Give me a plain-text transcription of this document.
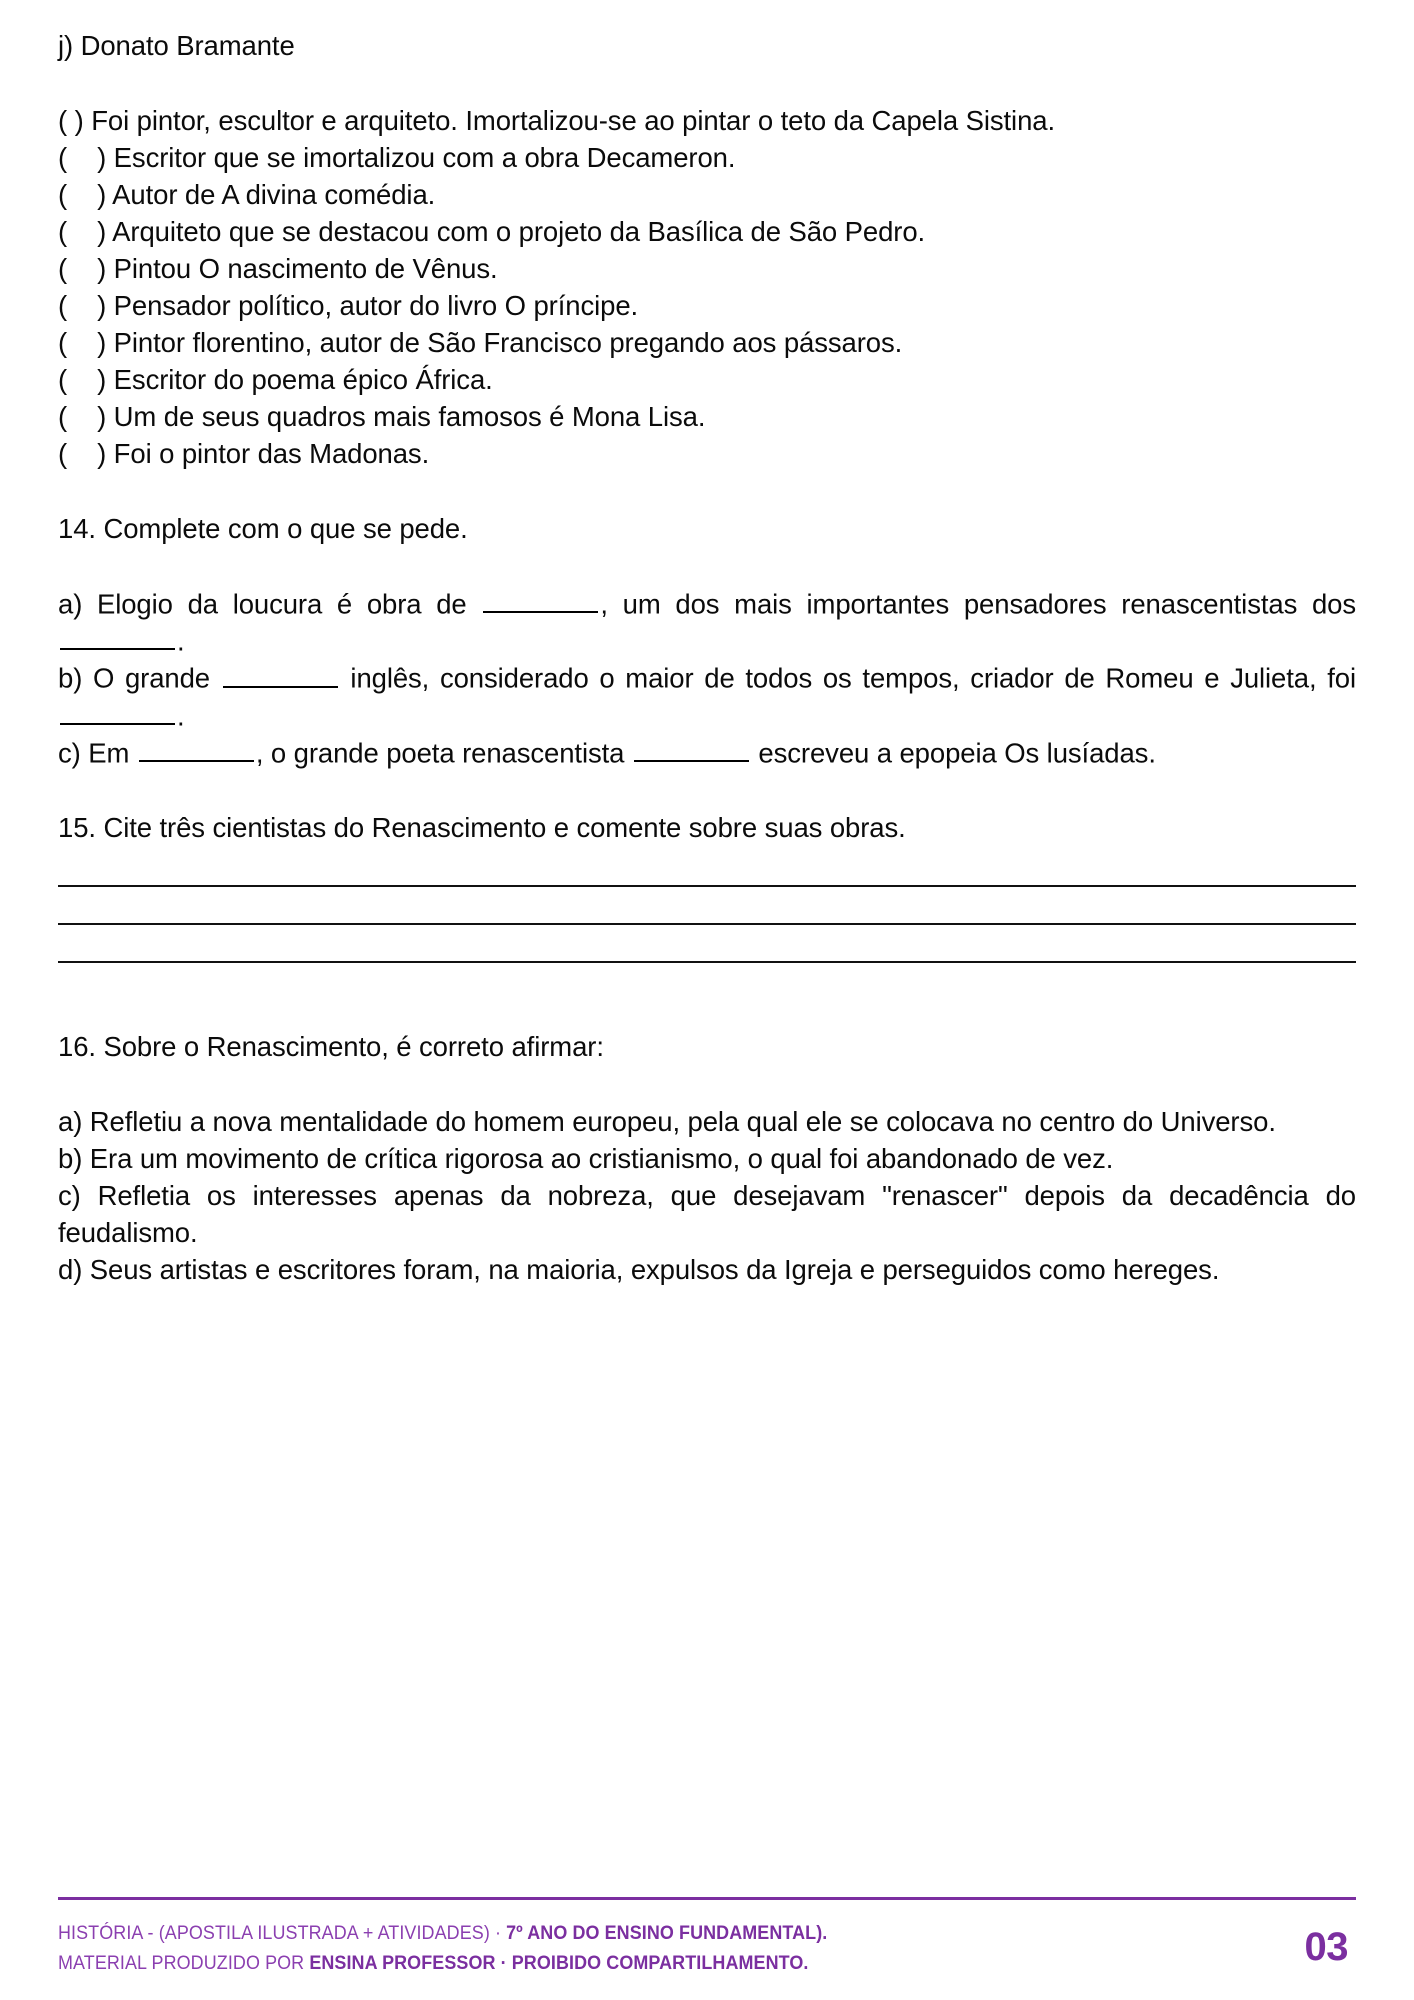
j) Donato Bramante

( ) Foi pintor, escultor e arquiteto. Imortalizou-se ao pintar o teto da Capela Sistina.

( ) Escritor que se imortalizou com a obra Decameron.

( ) Autor de A divina comédia.

( ) Arquiteto que se destacou com o projeto da Basílica de São Pedro.

( ) Pintou O nascimento de Vênus.

( ) Pensador político, autor do livro O príncipe.

( ) Pintor florentino, autor de São Francisco pregando aos pássaros.

( ) Escritor do poema épico África.

( ) Um de seus quadros mais famosos é Mona Lisa.

( ) Foi o pintor das Madonas.

14. Complete com o que se pede.

a) Elogio da loucura é obra de	, um dos mais importantes pensadores renascentistas dos .

b) O grande	inglês, considerado o maior de todos os tempos, criador de Romeu e Julieta, foi .

c) Em	, o grande poeta renascentista	escreveu a epopeia Os lusíadas.

15. Cite três cientistas do Renascimento e comente sobre suas obras.

16. Sobre o Renascimento, é correto afirmar:

a) Refletiu a nova mentalidade do homem europeu, pela qual ele se colocava no centro do Universo.

b) Era um movimento de crítica rigorosa ao cristianismo, o qual foi abandonado de vez.

c) Refletia os interesses apenas da nobreza, que desejavam "renascer" depois da decadência do feudalismo.

d) Seus artistas e escritores foram, na maioria, expulsos da Igreja e perseguidos como hereges.

HISTÓRIA - (APOSTILA ILUSTRADA + ATIVIDADES) · 7º ANO DO ENSINO FUNDAMENTAL).
MATERIAL PRODUZIDO POR ENSINA PROFESSOR · PROIBIDO COMPARTILHAMENTO.	03
